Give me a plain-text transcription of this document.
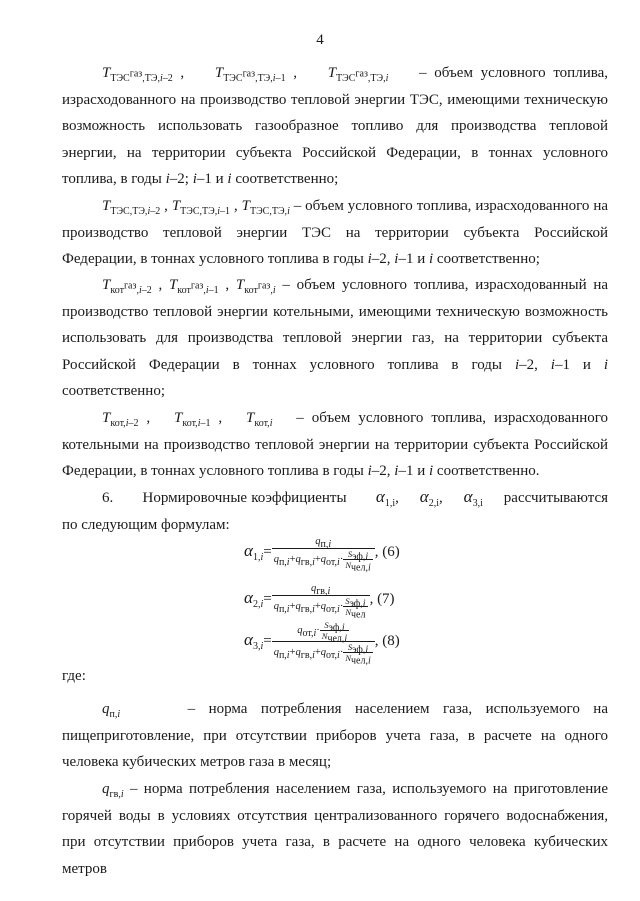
4

$T_{ТЭС^{газ},ТЭ,i-2}$ ,    $T_{ТЭС^{газ},ТЭ,i-1}$ ,    $T_{ТЭС^{газ},ТЭ,i}$ – объем условного топлива, израсходованного на производство тепловой энергии ТЭС, имеющими техническую возможность использовать газообразное топливо для производства тепловой энергии, на территории субъекта Российской Федерации, в тоннах условного топлива, в годы i–2; i–1 и i соответственно;

$T_{ТЭС,ТЭ,i-2}$ , $T_{ТЭС,ТЭ,i-1}$ , $T_{ТЭС,ТЭ,i}$ – объем условного топлива, израсходованного на производство тепловой энергии ТЭС на территории субъекта Российской Федерации, в тоннах условного топлива в годы i–2, i–1 и i соответственно;

$T_{кот^{газ},i-2}$ , $T_{кот^{газ},i-1}$ , $T_{кот^{газ},i}$ – объем условного топлива, израсходованный на производство тепловой энергии котельными, имеющими техническую возможность использовать для производства тепловой энергии газ, на территории субъекта Российской Федерации в тоннах условного топлива в годы i–2, i–1 и i соответственно;

$T_{кот,i-2}$ ,   $T_{кот,i-1}$ ,   $T_{кот,i}$ – объем условного топлива, израсходованного котельными на производство тепловой энергии на территории субъекта Российской Федерации, в тоннах условного топлива в годы i–2, i–1 и i соответственно.

6. Нормировочные коэффициенты $\alpha_{1,i}$,     $\alpha_{2,i}$,     $\alpha_{3,i}$ рассчитываются по следующим формулам:

$\alpha_{1,i}= \frac{q_{п,i}}{q_{п,i}+q_{гв,i}+q_{от,i}\cdot \frac{S_{эф,i}}{N_{чел,i}}}$ , (6)
$\alpha_{2,i}= \frac{q_{гв,i}}{q_{п,i}+q_{гв,i}+q_{от,i}\cdot \frac{S_{эф,i}}{N_{чел}}}$ , (7)
$\alpha_{3,i}= \frac{q_{от,i}\cdot \frac{S_{эф,i}}{N_{чел,i}}}{q_{п,i}+q_{гв,i}+q_{от,i}\cdot \frac{S_{эф,i}}{N_{чел,i}}}$ , (8)
где:

$q_{п,i}$	– норма потребления населением газа, используемого на пищеприготовление, при отсутствии приборов учета газа, в расчете на одного человека кубических метров газа в месяц;

$q_{гв,i}$ – норма потребления населением газа, используемого на приготовление горячей воды в условиях отсутствия централизованного горячего водоснабжения, при отсутствии приборов учета газа, в расчете на одного человека кубических метров
